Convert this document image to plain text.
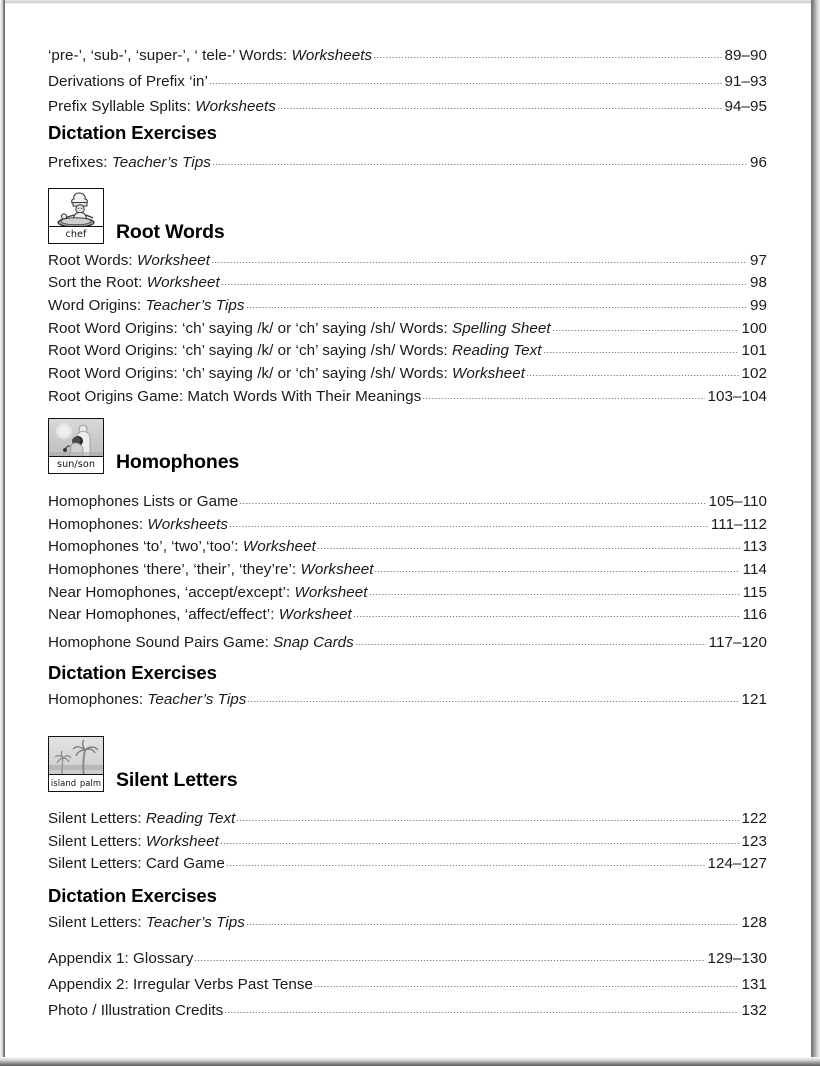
‘pre-’, ‘sub-’, ‘super-’, ‘ tele-’ Words: Worksheets	89–90
Derivations of Prefix ‘in’	91–93
Prefix Syllable Splits: Worksheets	94–95
Dictation Exercises
Prefixes: Teacher’s Tips	96
chef	Root Words
Root Words: Worksheet	97
Sort the Root: Worksheet	98
Word Origins: Teacher’s Tips	99
Root Word Origins: ‘ch’ saying /k/ or ‘ch’ saying /sh/ Words: Spelling Sheet	100
Root Word Origins: ‘ch’ saying /k/ or ‘ch’ saying /sh/ Words: Reading Text	101
Root Word Origins: ‘ch’ saying /k/ or ‘ch’ saying /sh/ Words: Worksheet	102
Root Origins Game: Match Words With Their Meanings	103–104
sun/son	Homophones
Homophones Lists or Game	105–110
Homophones: Worksheets	111–112
Homophones ‘to’, ‘two’,‘too’: Worksheet	113
Homophones ‘there’, ‘their’, ‘they’re’: Worksheet	114
Near Homophones, ‘accept/except’: Worksheet	115
Near Homophones, ‘affect/effect’: Worksheet	116
Homophone Sound Pairs Game: Snap Cards	117–120
Dictation Exercises
Homophones: Teacher’s Tips	121
island palm Silent Letters
Silent Letters: Reading Text	122
Silent Letters: Worksheet	123
Silent Letters: Card Game	124–127
Dictation Exercises
Silent Letters: Teacher’s Tips	128
Appendix 1: Glossary	129–130
Appendix 2: Irregular Verbs Past Tense	131
Photo / Illustration Credits	132
